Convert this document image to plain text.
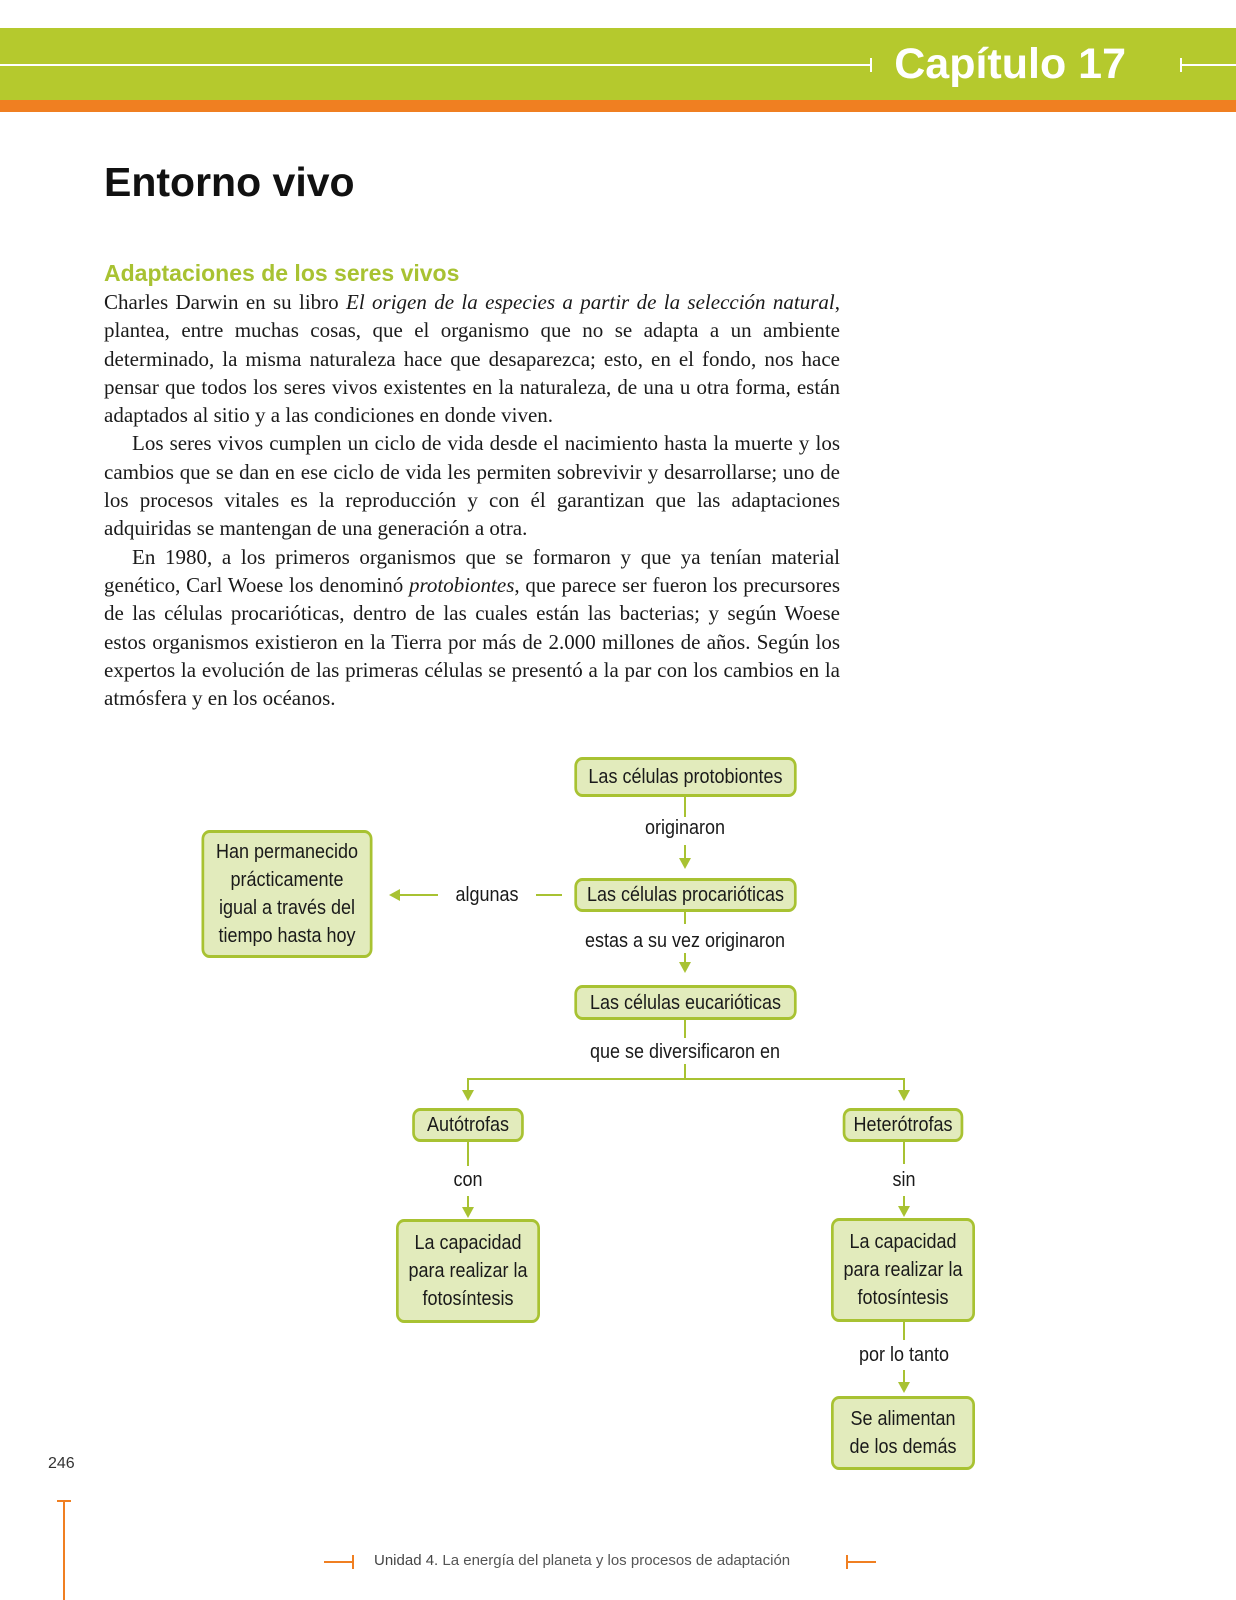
Capítulo 17
Entorno vivo
Adaptaciones de los seres vivos

Charles Darwin en su libro El origen de la especies a partir de la selección natural, plantea, entre muchas cosas, que el organismo que no se adapta a un ambiente determinado, la misma naturaleza hace que desaparezca; esto, en el fondo, nos hace pensar que todos los seres vivos existentes en la naturaleza, de una u otra forma, están adaptados al sitio y a las condiciones en donde viven.

Los seres vivos cumplen un ciclo de vida desde el nacimiento hasta la muerte y los cambios que se dan en ese ciclo de vida les permiten sobrevivir y desarrollarse; uno de los procesos vitales es la reproducción y con él garantizan que las adaptaciones adquiridas se mantengan de una generación a otra.

En 1980, a los primeros organismos que se formaron y que ya tenían material genético, Carl Woese los denominó protobiontes, que parece ser fueron los precursores de las células procarióticas, dentro de las cuales están las bacterias; y según Woese estos organismos existieron en la Tierra por más de 2.000 millones de años. Según los expertos la evolución de las primeras células se presentó a la par con los cambios en la atmósfera y en los océanos.

Las células protobiontes
Las células procarióticas
Las células eucarióticas
Han permanecido prácticamente igual a través del tiempo hasta hoy
Autótrofas	Heterótrofas
La capacidad para realizar la fotosíntesis
La capacidad para realizar la fotosíntesis
Se alimentan de los demás
originaron
algunas
estas a su vez originaron
que se diversificaron en
con	sin
por lo tanto
246
Unidad 4. La energía del planeta y los procesos de adaptación
